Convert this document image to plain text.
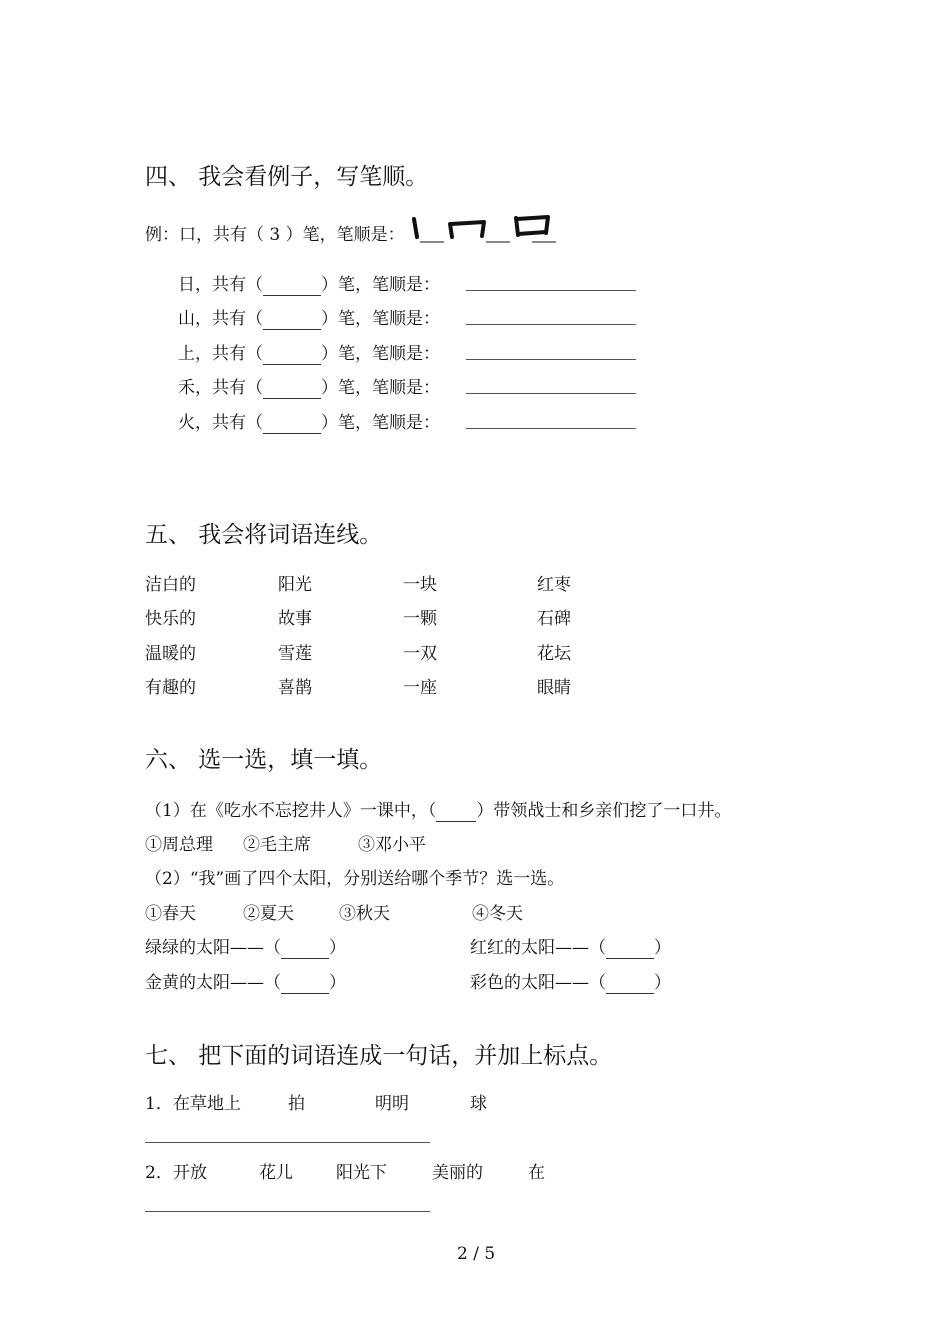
四、 我会看例子，写笔顺。
例：口，共有（ 3 ）笔，笔顺是：
日，共有（	）笔，笔顺是：
山，共有（	）笔，笔顺是：
上，共有（	）笔，笔顺是：
禾，共有（	）笔，笔顺是：
火，共有（	）笔，笔顺是：
五、 我会将词语连线。
洁白的	阳光	一块	红枣
快乐的	故事	一颗	石碑
温暖的	雪莲	一双	花坛
有趣的	喜鹊	一座	眼睛
六、 选一选，填一填。
（1）在《吃水不忘挖井人》一课中，（ ）带领战士和乡亲们挖了一口井。
①周总理 ②毛主席	③邓小平
（2）“我”画了四个太阳，分别送给哪个季节？选一选。
①春天	②夏天	③秋天	④冬天
绿绿的太阳——（	）	红红的太阳——（	）
金黄的太阳——（	）	彩色的太阳——（	）
七、 把下面的词语连成一句话，并加上标点。
1． 在草地上	拍	明明	球
2． 开放	花儿	阳光下	美丽的	在
2 / 5
